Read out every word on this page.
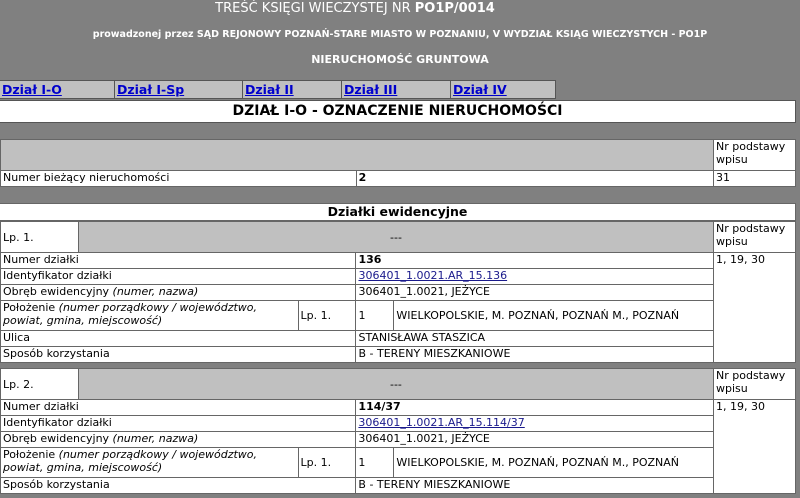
TREŚĆ KSIĘGI WIECZYSTEJ NR PO1P/0014
prowadzonej przez SĄD REJONOWY POZNAŃ-STARE MIASTO W POZNANIU, V WYDZIAŁ KSIĄG WIECZYSTYCH - PO1P
NIERUCHOMOŚĆ GRUNTOWA
Dział I-O	Dział I-Sp	Dział II	Dział III	Dział IV
DZIAŁ I-O - OZNACZENIE NIERUCHOMOŚCI
		Nr podstawy wpisu
Numer bieżący nieruchomości	2	31
Działki ewidencyjne
Lp. 1.	---				Nr podstawy wpisu
Numer działki			136		1, 19, 30
Identyfikator działki			306401_1.0021.AR_15.136		
Obręb ewidencyjny (numer, nazwa)			306401_1.0021, JEŻYCE		
Położenie (numer porządkowy / województwo, powiat, gmina, miejscowość)		Lp. 1.	1	WIELKOPOLSKIE, M. POZNAŃ, POZNAŃ M., POZNAŃ	
Ulica			STANISŁAWA STASZICA		
Sposób korzystania			B - TERENY MIESZKANIOWE		
Lp. 2.	---				Nr podstawy wpisu
Numer działki			114/37		1, 19, 30
Identyfikator działki			306401_1.0021.AR_15.114/37		
Obręb ewidencyjny (numer, nazwa)			306401_1.0021, JEŻYCE		
Położenie (numer porządkowy / województwo, powiat, gmina, miejscowość)		Lp. 1.	1	WIELKOPOLSKIE, M. POZNAŃ, POZNAŃ M., POZNAŃ	
Sposób korzystania			B - TERENY MIESZKANIOWE		
